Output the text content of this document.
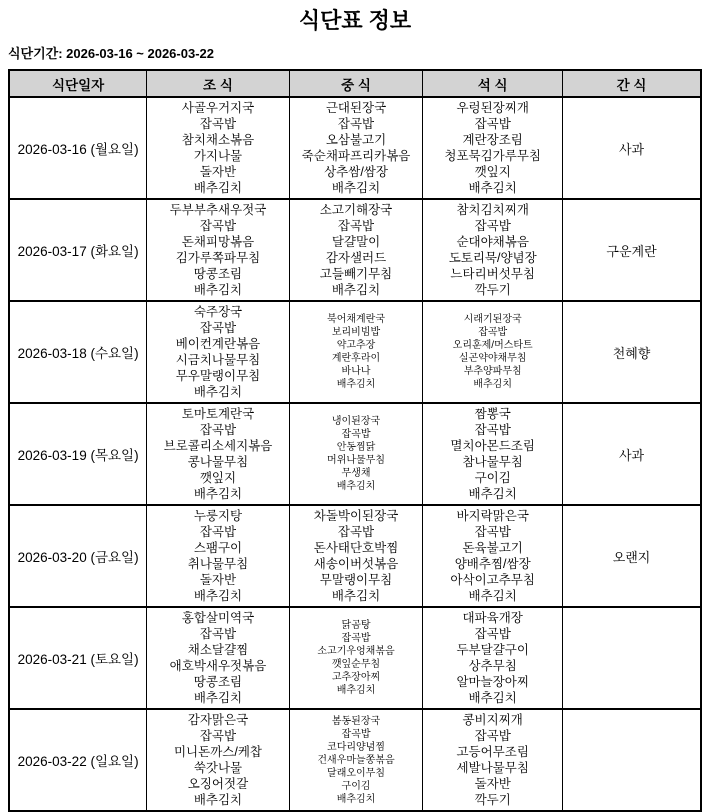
식단표 정보
식단기간: 2026-03-16 ~ 2026-03-22
식단일자	조 식	중 식	석 식	간 식
2026-03-16 (월요일)	
사골우거지국
잡곡밥
참치채소볶음
가지나물
돌자반
배추김치

근대된장국
잡곡밥
오삼불고기
죽순채파프리카볶음
상추쌈/쌈장
배추김치

우렁된장찌개
잡곡밥
계란장조림
청포묵김가루무침
깻잎지
배추김치
	사과
2026-03-17 (화요일)	
두부부추새우젓국
잡곡밥
돈채피망볶음
김가루쪽파무침
땅콩조림
배추김치

소고기해장국
잡곡밥
달걀말이
감자샐러드
고들빼기무침
배추김치

참치김치찌개
잡곡밥
순대야채볶음
도토리묵/양념장
느타리버섯무침
깍두기
	구운계란
2026-03-18 (수요일)	
숙주장국
잡곡밥
베이컨계란볶음
시금치나물무침
무우말랭이무침
배추김치

북어채계란국
보리비빔밥
약고추장
계란후라이
바나나
배추김치

시래기된장국
잡곡밥
오리훈제/머스타트
실곤약야채무침
부추양파무침
배추김치
	천혜향
2026-03-19 (목요일)	
토마토계란국
잡곡밥
브로콜리소세지볶음
콩나물무침
깻잎지
배추김치

냉이된장국
잡곡밥
안동찜닭
머위나물무침
무생채
배추김치

짬뽕국
잡곡밥
멸치아몬드조림
참나물무침
구이김
배추김치
	사과
2026-03-20 (금요일)	
누룽지탕
잡곡밥
스팸구이
취나물무침
돌자반
배추김치

차돌박이된장국
잡곡밥
돈사태단호박찜
새송이버섯볶음
무말랭이무침
배추김치

바지락맑은국
잡곡밥
돈육불고기
양배추찜/쌈장
아삭이고추무침
배추김치
	오랜지
2026-03-21 (토요일)	
홍합살미역국
잡곡밥
채소달걀찜
애호박새우젓볶음
땅콩조림
배추김치

닭곰탕
잡곡밥
소고기우엉채볶음
깻잎순무침
고추장아찌
배추김치

대파육개장
잡곡밥
두부달걀구이
상추무침
알마늘장아찌
배추김치

2026-03-22 (일요일)	
감자맑은국
잡곡밥
미니돈까스/케찹
쑥갓나물
오징어젓갈
배추김치

봄동된장국
잡곡밥
코다리양념찜
건새우마늘쫑볶음
달래오이무침
구이김
배추김치

콩비지찌개
잡곡밥
고등어무조림
세발나물무침
돌자반
깍두기
